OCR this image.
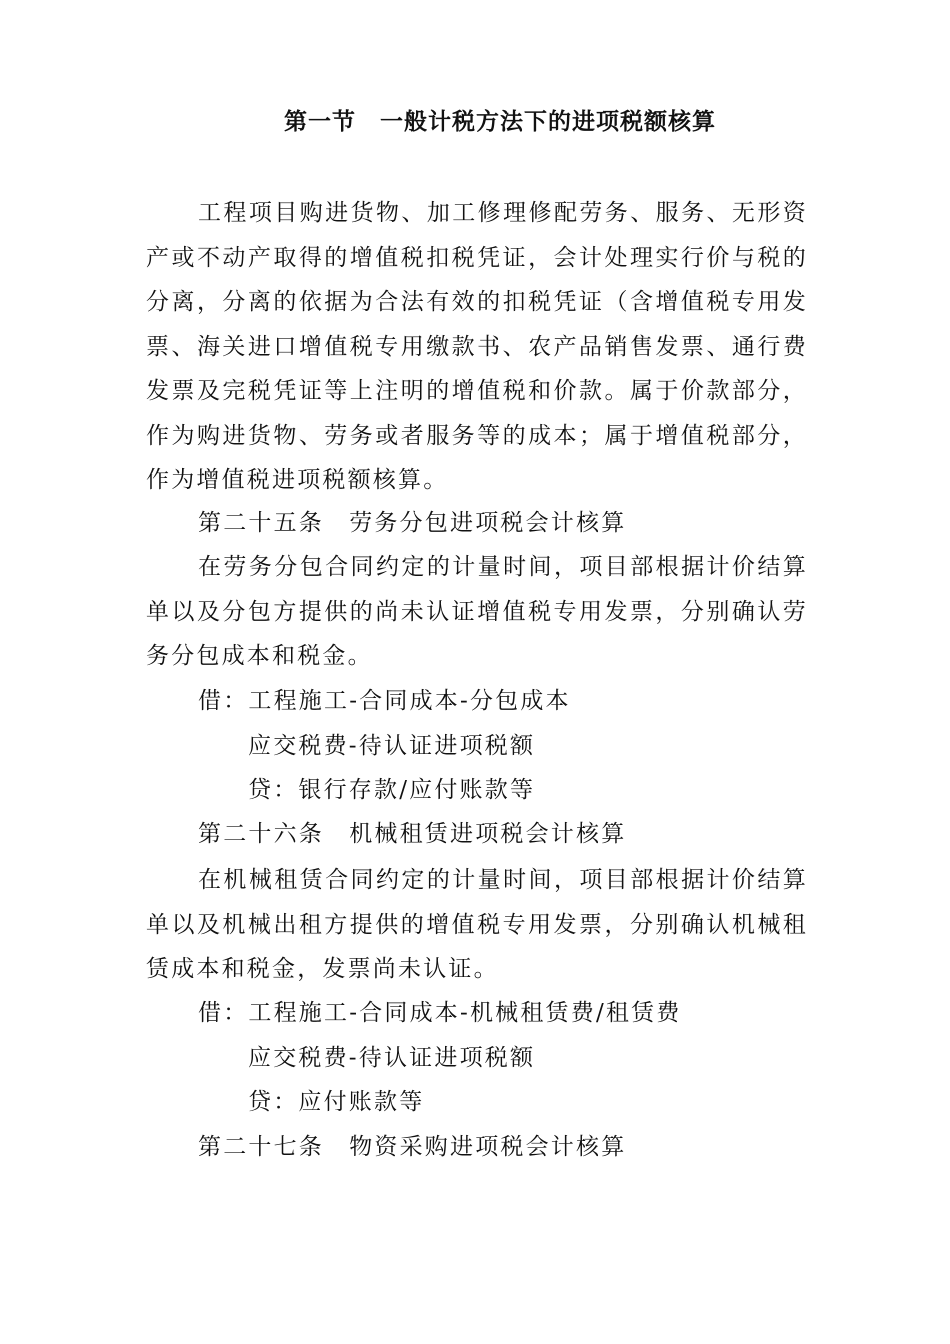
第一节　一般计税方法下的进项税额核算
工程项目购进货物、加工修理修配劳务、服务、无形资产或不动产取得的增值税扣税凭证，会计处理实行价与税的分离，分离的依据为合法有效的扣税凭证（含增值税专用发票、海关进口增值税专用缴款书、农产品销售发票、通行费发票及完税凭证等上注明的增值税和价款。属于价款部分，作为购进货物、劳务或者服务等的成本；属于增值税部分，作为增值税进项税额核算。
第二十五条　劳务分包进项税会计核算
在劳务分包合同约定的计量时间，项目部根据计价结算单以及分包方提供的尚未认证增值税专用发票，分别确认劳务分包成本和税金。
借：工程施工-合同成本-分包成本
应交税费-待认证进项税额
贷：银行存款/应付账款等
第二十六条　机械租赁进项税会计核算
在机械租赁合同约定的计量时间，项目部根据计价结算单以及机械出租方提供的增值税专用发票，分别确认机械租赁成本和税金，发票尚未认证。
借：工程施工-合同成本-机械租赁费/租赁费
应交税费-待认证进项税额
贷：应付账款等
第二十七条　物资采购进项税会计核算
